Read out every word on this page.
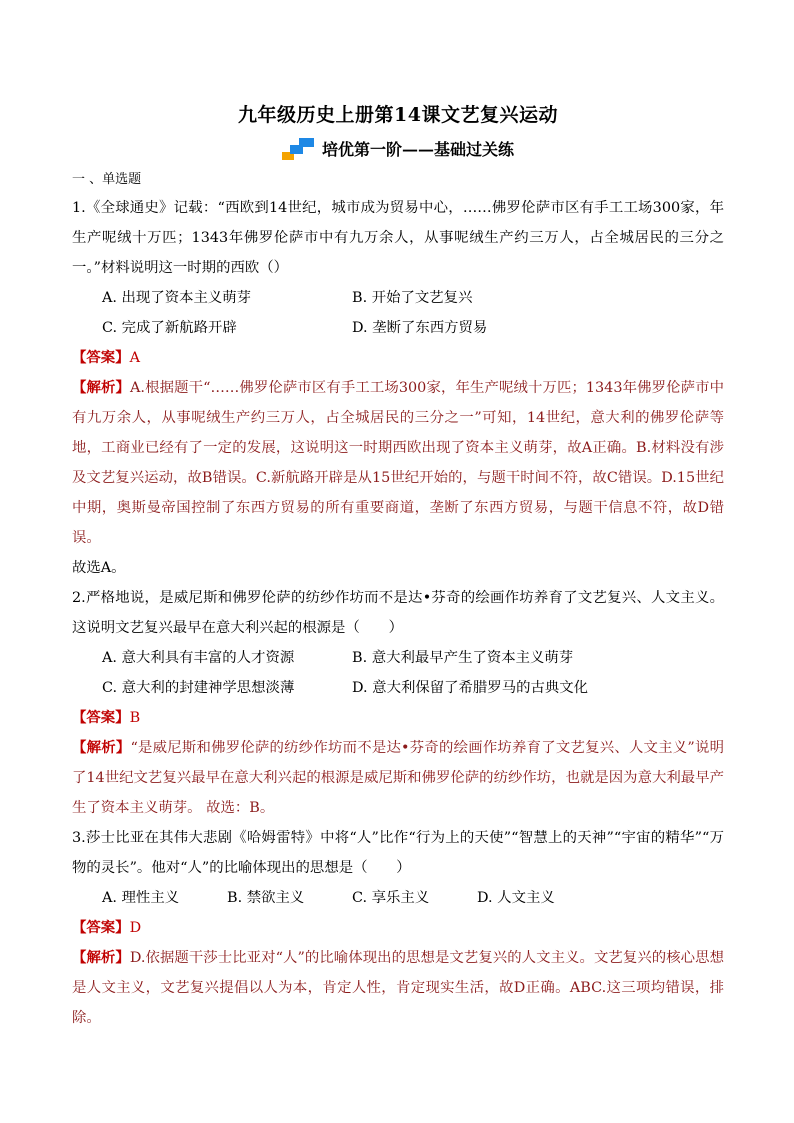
九年级历史上册第14课文艺复兴运动
培优第一阶——基础过关练
一 、单选题

1.《全球通史》记载：“西欧到14世纪，城市成为贸易中心，……佛罗伦萨市区有手工工场300家，年生产呢绒十万匹；1343年佛罗伦萨市中有九万余人，从事呢绒生产约三万人，占全城居民的三分之一。”材料说明这一时期的西欧（）

A. 出现了资本主义萌芽	B. 开始了文艺复兴
C. 完成了新航路开辟	D. 垄断了东西方贸易

【答案】A

【解析】A.根据题干“……佛罗伦萨市区有手工工场300家，年生产呢绒十万匹；1343年佛罗伦萨市中有九万余人，从事呢绒生产约三万人，占全城居民的三分之一”可知，14世纪，意大利的佛罗伦萨等地，工商业已经有了一定的发展，这说明这一时期西欧出现了资本主义萌芽，故A正确。B.材料没有涉及文艺复兴运动，故B错误。C.新航路开辟是从15世纪开始的，与题干时间不符，故C错误。D.15世纪中期，奥斯曼帝国控制了东西方贸易的所有重要商道，垄断了东西方贸易，与题干信息不符，故D错误。

故选A。

2.严格地说，是威尼斯和佛罗伦萨的纺纱作坊而不是达•芬奇的绘画作坊养育了文艺复兴、人文主义。这说明文艺复兴最早在意大利兴起的根源是（　　）

A. 意大利具有丰富的人才资源	B. 意大利最早产生了资本主义萌芽
C. 意大利的封建神学思想淡薄	D. 意大利保留了希腊罗马的古典文化

【答案】B

【解析】“是威尼斯和佛罗伦萨的纺纱作坊而不是达•芬奇的绘画作坊养育了文艺复兴、人文主义”说明了14世纪文艺复兴最早在意大利兴起的根源是威尼斯和佛罗伦萨的纺纱作坊，也就是因为意大利最早产生了资本主义萌芽。 故选：B。

3.莎士比亚在其伟大悲剧《哈姆雷特》中将“人”比作“行为上的天使”“智慧上的天神”“宇宙的精华”“万物的灵长”。他对“人”的比喻体现出的思想是（　　）

A. 理性主义	B. 禁欲主义	C. 享乐主义	D. 人文主义

【答案】D

【解析】D.依据题干莎士比亚对“人”的比喻体现出的思想是文艺复兴的人文主义。文艺复兴的核心思想是人文主义，文艺复兴提倡以人为本，肯定人性，肯定现实生活，故D正确。ABC.这三项均错误，排除。
